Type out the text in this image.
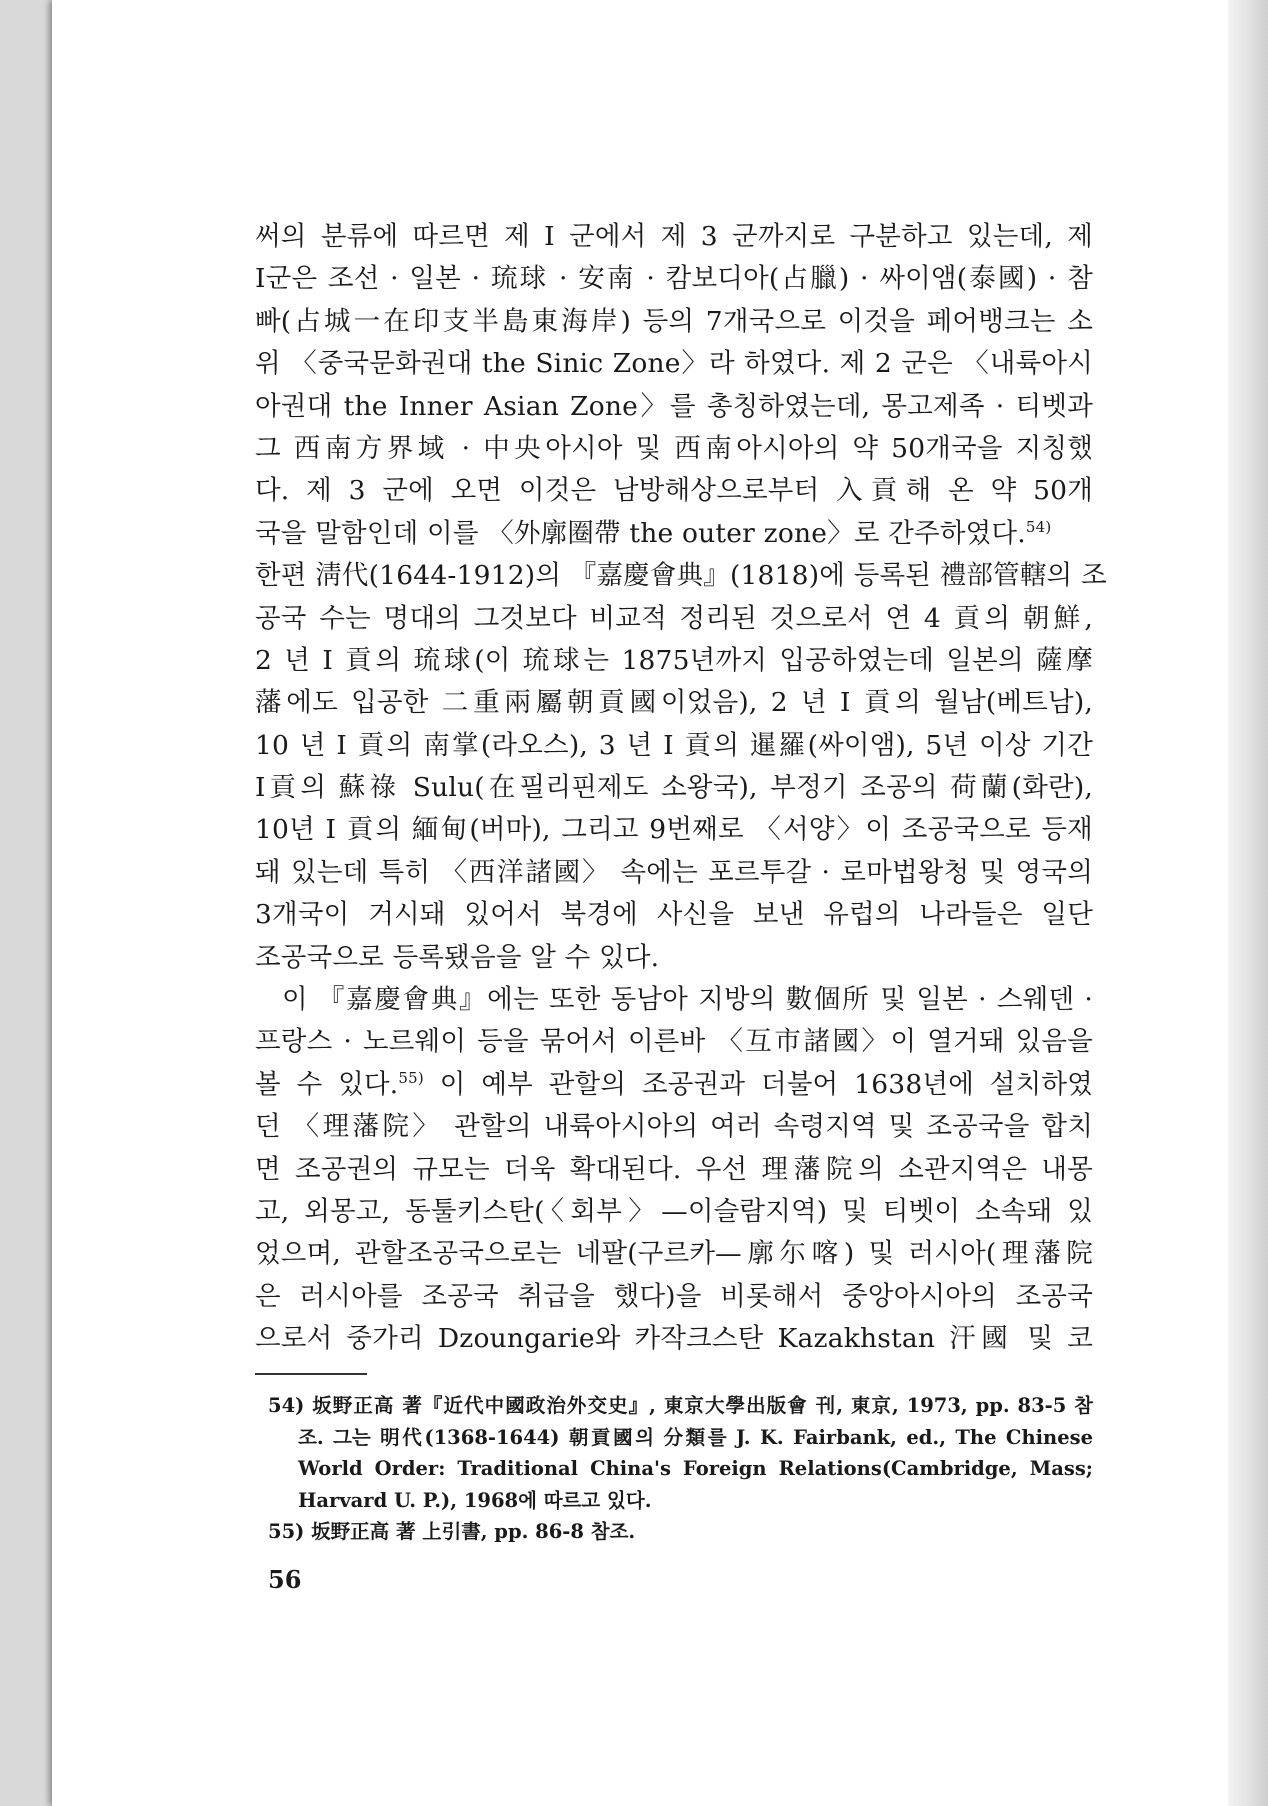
써의 분류에 따르면 제 I 군에서 제 3 군까지로 구분하고 있는데, 제
I군은 조선 · 일본 · 琉球 · 安南 · 캄보디아(占臘) · 싸이앰(泰國) · 참
빠(占城一在印支半島東海岸) 등의 7개국으로 이것을 페어뱅크는 소
위 〈중국문화권대 the Sinic Zone〉라 하였다. 제 2 군은 〈내륙아시
아권대 the Inner Asian Zone〉를 총칭하였는데, 몽고제족 · 티벳과
그 西南方界域 · 中央아시아 및 西南아시아의 약 50개국을 지칭했
다. 제 3 군에 오면 이것은 남방해상으로부터 入貢해 온 약 50개
국을 말함인데 이를 〈外廓圈帶 the outer zone〉로 간주하였다.$^{54)}$
한편 淸代(1644-1912)의 『嘉慶會典』(1818)에 등록된 禮部管轄의 조
공국 수는 명대의 그것보다 비교적 정리된 것으로서 연 4 貢의 朝鮮,
2 년 I 貢의 琉球(이 琉球는 1875년까지 입공하였는데 일본의 薩摩
藩에도 입공한 二重兩屬朝貢國이었음), 2 년 I 貢의 월남(베트남),
10 년 I 貢의 南掌(라오스), 3 년 I 貢의 暹羅(싸이앰), 5년 이상 기간
I貢의 蘇祿 Sulu(在필리핀제도 소왕국), 부정기 조공의 荷蘭(화란),
10년 I 貢의 緬甸(버마), 그리고 9번째로 〈서양〉이 조공국으로 등재
돼 있는데 특히 〈西洋諸國〉 속에는 포르투갈 · 로마법왕청 및 영국의
3개국이 거시돼 있어서 북경에 사신을 보낸 유럽의 나라들은 일단
조공국으로 등록됐음을 알 수 있다.
이 『嘉慶會典』에는 또한 동남아 지방의 數個所 및 일본 · 스웨덴 ·
프랑스 · 노르웨이 등을 묶어서 이른바 〈互市諸國〉이 열거돼 있음을
볼 수 있다.$^{55)}$ 이 예부 관할의 조공권과 더불어 1638년에 설치하였
던 〈理藩院〉 관할의 내륙아시아의 여러 속령지역 및 조공국을 합치
면 조공권의 규모는 더욱 확대된다. 우선 理藩院의 소관지역은 내몽
고, 외몽고, 동툴키스탄(〈회부〉—이슬람지역) 및 티벳이 소속돼 있
었으며, 관할조공국으로는 네팔(구르카—廓尓喀) 및 러시아(理藩院
은 러시아를 조공국 취급을 했다)을 비롯해서 중앙아시아의 조공국
으로서 중가리 Dzoungarie와 카작크스탄 Kazakhstan 汗國 및 코
54) 坂野正高 著『近代中國政治外交史』, 東京大學出版會 刊, 東京, 1973, pp. 83-5 참
조. 그는 明代(1368-1644) 朝貢國의 分類를 J. K. Fairbank, ed., The Chinese
World Order: Traditional China's Foreign Relations(Cambridge, Mass;
Harvard U. P.), 1968에 따르고 있다.
55) 坂野正高 著 上引書, pp. 86-8 참조.
56
